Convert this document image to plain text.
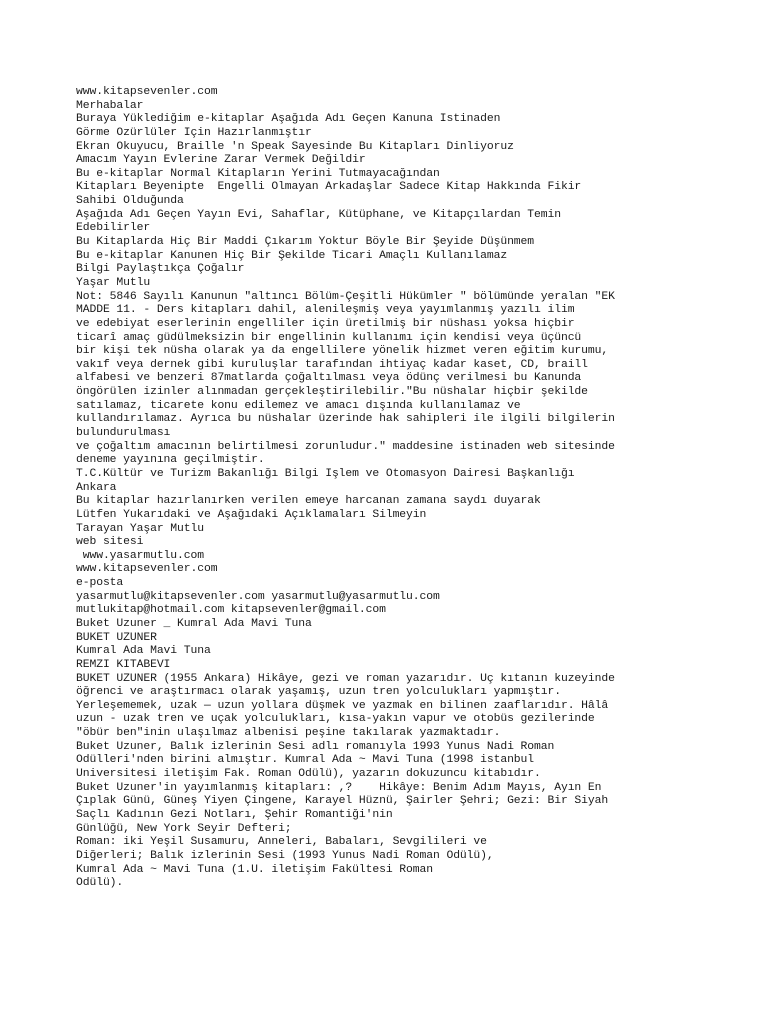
www.kitapsevenler.com
Merhabalar
Buraya Yüklediğim e-kitaplar Aşağıda Adı Geçen Kanuna İstinaden
Görme Özürlüler İçin Hazırlanmıştır
Ekran Okuyucu, Braille 'n Speak Sayesinde Bu Kitapları Dinliyoruz
Amacım Yayın Evlerine Zarar Vermek Değildir
Bu e-kitaplar Normal Kitapların Yerini Tutmayacağından
Kitapları Beyenipte  Engelli Olmayan Arkadaşlar Sadece Kitap Hakkında Fikir
Sahibi Olduğunda
Aşağıda Adı Geçen Yayın Evi, Sahaflar, Kütüphane, ve Kitapçılardan Temin
Edebilirler
Bu Kitaplarda Hiç Bir Maddi Çıkarım Yoktur Böyle Bir Şeyide Düşünmem
Bu e-kitaplar Kanunen Hiç Bir Şekilde Ticari Amaçlı Kullanılamaz
Bilgi Paylaştıkça Çoğalır
Yaşar Mutlu
Not: 5846 Sayılı Kanunun "altıncı Bölüm-Çeşitli Hükümler " bölümünde yeralan "EK
MADDE 11. - Ders kitapları dahil, alenileşmiş veya yayımlanmış yazılı ilim
ve edebiyat eserlerinin engelliler için üretilmiş bir nüshası yoksa hiçbir
ticarî amaç güdülmeksizin bir engellinin kullanımı için kendisi veya üçüncü
bir kişi tek nüsha olarak ya da engellilere yönelik hizmet veren eğitim kurumu,
vakıf veya dernek gibi kuruluşlar tarafından ihtiyaç kadar kaset, CD, braill
alfabesi ve benzeri 87matlarda çoğaltılması veya ödünç verilmesi bu Kanunda
öngörülen izinler alınmadan gerçekleştirilebilir."Bu nüshalar hiçbir şekilde
satılamaz, ticarete konu edilemez ve amacı dışında kullanılamaz ve
kullandırılamaz. Ayrıca bu nüshalar üzerinde hak sahipleri ile ilgili bilgilerin
bulundurulması
ve çoğaltım amacının belirtilmesi zorunludur." maddesine istinaden web sitesinde
deneme yayınına geçilmiştir.
T.C.Kültür ve Turizm Bakanlığı Bilgi İşlem ve Otomasyon Dairesi Başkanlığı
Ankara
Bu kitaplar hazırlanırken verilen emeye harcanan zamana saydı duyarak
Lütfen Yukarıdaki ve Aşağıdaki Açıklamaları Silmeyin
Tarayan Yaşar Mutlu
web sitesi
www.yasarmutlu.com
www.kitapsevenler.com
e-posta
yasarmutlu@kitapsevenler.com yasarmutlu@yasarmutlu.com
mutlukitap@hotmail.com kitapsevenler@gmail.com
Buket Uzuner _ Kumral Ada Mavi Tuna
BUKET UZUNER
Kumral Ada Mavi Tuna
REMZİ KİTABEVİ
BUKET UZUNER (1955 Ankara) Hikâye, gezi ve roman yazarıdır. Üç kıtanın kuzeyinde
öğrenci ve araştırmacı olarak yaşamış, uzun tren yolculukları yapmıştır.
Yerleşememek, uzak — uzun yollara düşmek ve yazmak en bilinen zaaflarıdır. Hâlâ
uzun - uzak tren ve uçak yolculukları, kısa-yakın vapur ve otobüs gezilerinde
"öbür ben"inin ulaşılmaz albenisi peşine takılarak yazmaktadır.
Buket Uzuner, Balık izlerinin Sesi adlı romanıyla 1993 Yunus Nadi Roman
Ödülleri'nden birini almıştır. Kumral Ada ~ Mavi Tuna (1998 istanbul
Üniversitesi iletişim Fak. Roman Ödülü), yazarın dokuzuncu kitabıdır.
Buket Uzuner'in yayımlanmış kitapları: ,?    Hikâye: Benim Adım Mayıs, Ayın En
Çıplak Günü, Güneş Yiyen Çingene, Karayel Hüznü, Şairler Şehri; Gezi: Bir Siyah
Saçlı Kadının Gezi Notları, Şehir Romantiği'nin
Günlüğü, New York Seyir Defteri;
Roman: iki Yeşil Susamuru, Anneleri, Babaları, Sevgilileri ve
Diğerleri; Balık izlerinin Sesi (1993 Yunus Nadi Roman Ödülü),
Kumral Ada ~ Mavi Tuna (1.Ü. iletişim Fakültesi Roman
Ödülü).
